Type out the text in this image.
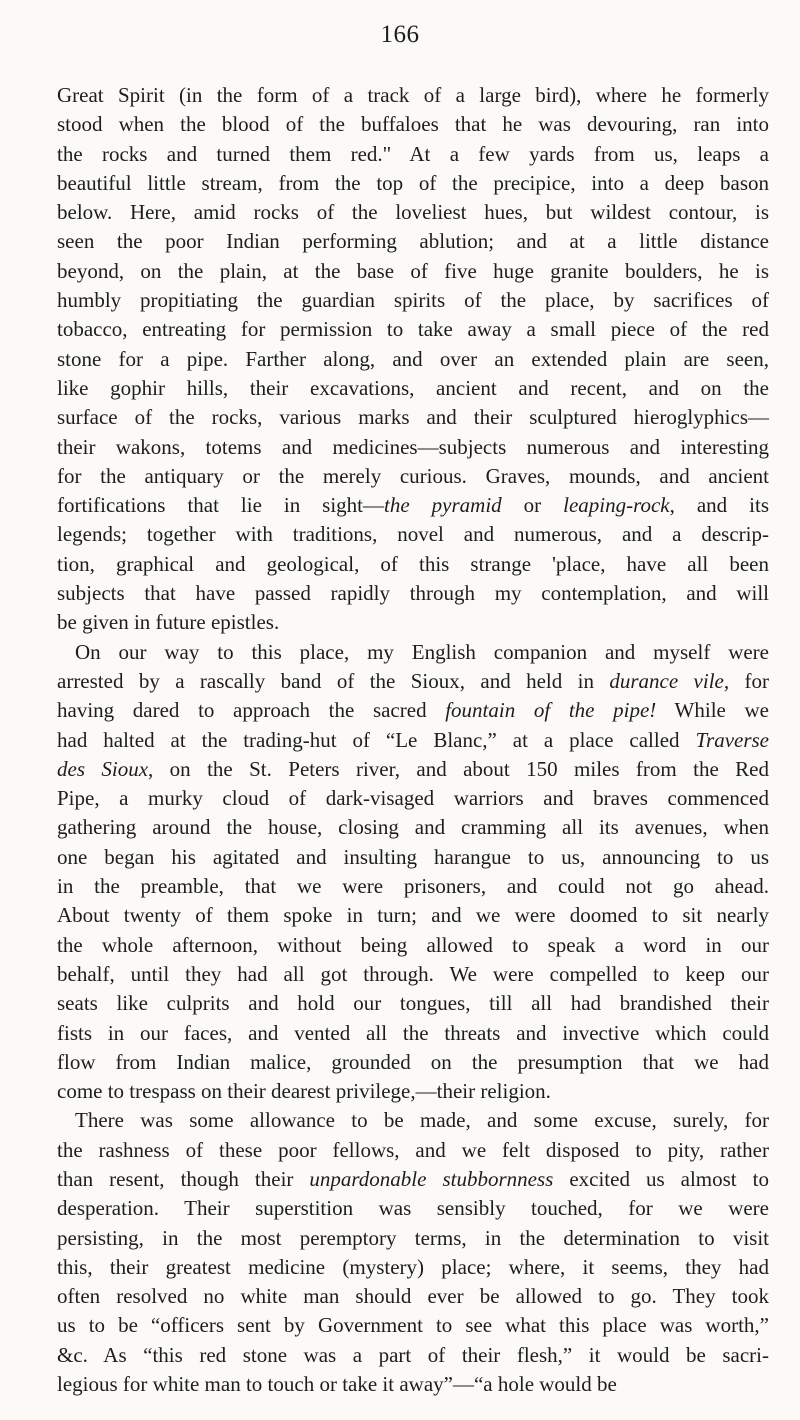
166
Great Spirit (in the form of a track of a large bird), where he formerly
stood when the blood of the buffaloes that he was devouring, ran into
the rocks and turned them red." At a few yards from us, leaps a
beautiful little stream, from the top of the precipice, into a deep bason
below. Here, amid rocks of the loveliest hues, but wildest contour, is
seen the poor Indian performing ablution; and at a little distance
beyond, on the plain, at the base of five huge granite boulders, he is
humbly propitiating the guardian spirits of the place, by sacrifices of
tobacco, entreating for permission to take away a small piece of the red
stone for a pipe. Farther along, and over an extended plain are seen,
like gophir hills, their excavations, ancient and recent, and on the
surface of the rocks, various marks and their sculptured hieroglyphics—
their wakons, totems and medicines—subjects numerous and interesting
for the antiquary or the merely curious. Graves, mounds, and ancient
fortifications that lie in sight—the pyramid or leaping-rock, and its
legends; together with traditions, novel and numerous, and a descrip-
tion, graphical and geological, of this strange 'place, have all been
subjects that have passed rapidly through my contemplation, and will
be given in future epistles.
On our way to this place, my English companion and myself were
arrested by a rascally band of the Sioux, and held in durance vile, for
having dared to approach the sacred fountain of the pipe! While we
had halted at the trading-hut of “Le Blanc,” at a place called Traverse
des Sioux, on the St. Peters river, and about 150 miles from the Red
Pipe, a murky cloud of dark-visaged warriors and braves commenced
gathering around the house, closing and cramming all its avenues, when
one began his agitated and insulting harangue to us, announcing to us
in the preamble, that we were prisoners, and could not go ahead.
About twenty of them spoke in turn; and we were doomed to sit nearly
the whole afternoon, without being allowed to speak a word in our
behalf, until they had all got through. We were compelled to keep our
seats like culprits and hold our tongues, till all had brandished their
fists in our faces, and vented all the threats and invective which could
flow from Indian malice, grounded on the presumption that we had
come to trespass on their dearest privilege,—their religion.
There was some allowance to be made, and some excuse, surely, for
the rashness of these poor fellows, and we felt disposed to pity, rather
than resent, though their unpardonable stubbornness excited us almost to
desperation. Their superstition was sensibly touched, for we were
persisting, in the most peremptory terms, in the determination to visit
this, their greatest medicine (mystery) place; where, it seems, they had
often resolved no white man should ever be allowed to go. They took
us to be “officers sent by Government to see what this place was worth,”
&c. As “this red stone was a part of their flesh,” it would be sacri-
legious for white man to touch or take it away”—“a hole would be
